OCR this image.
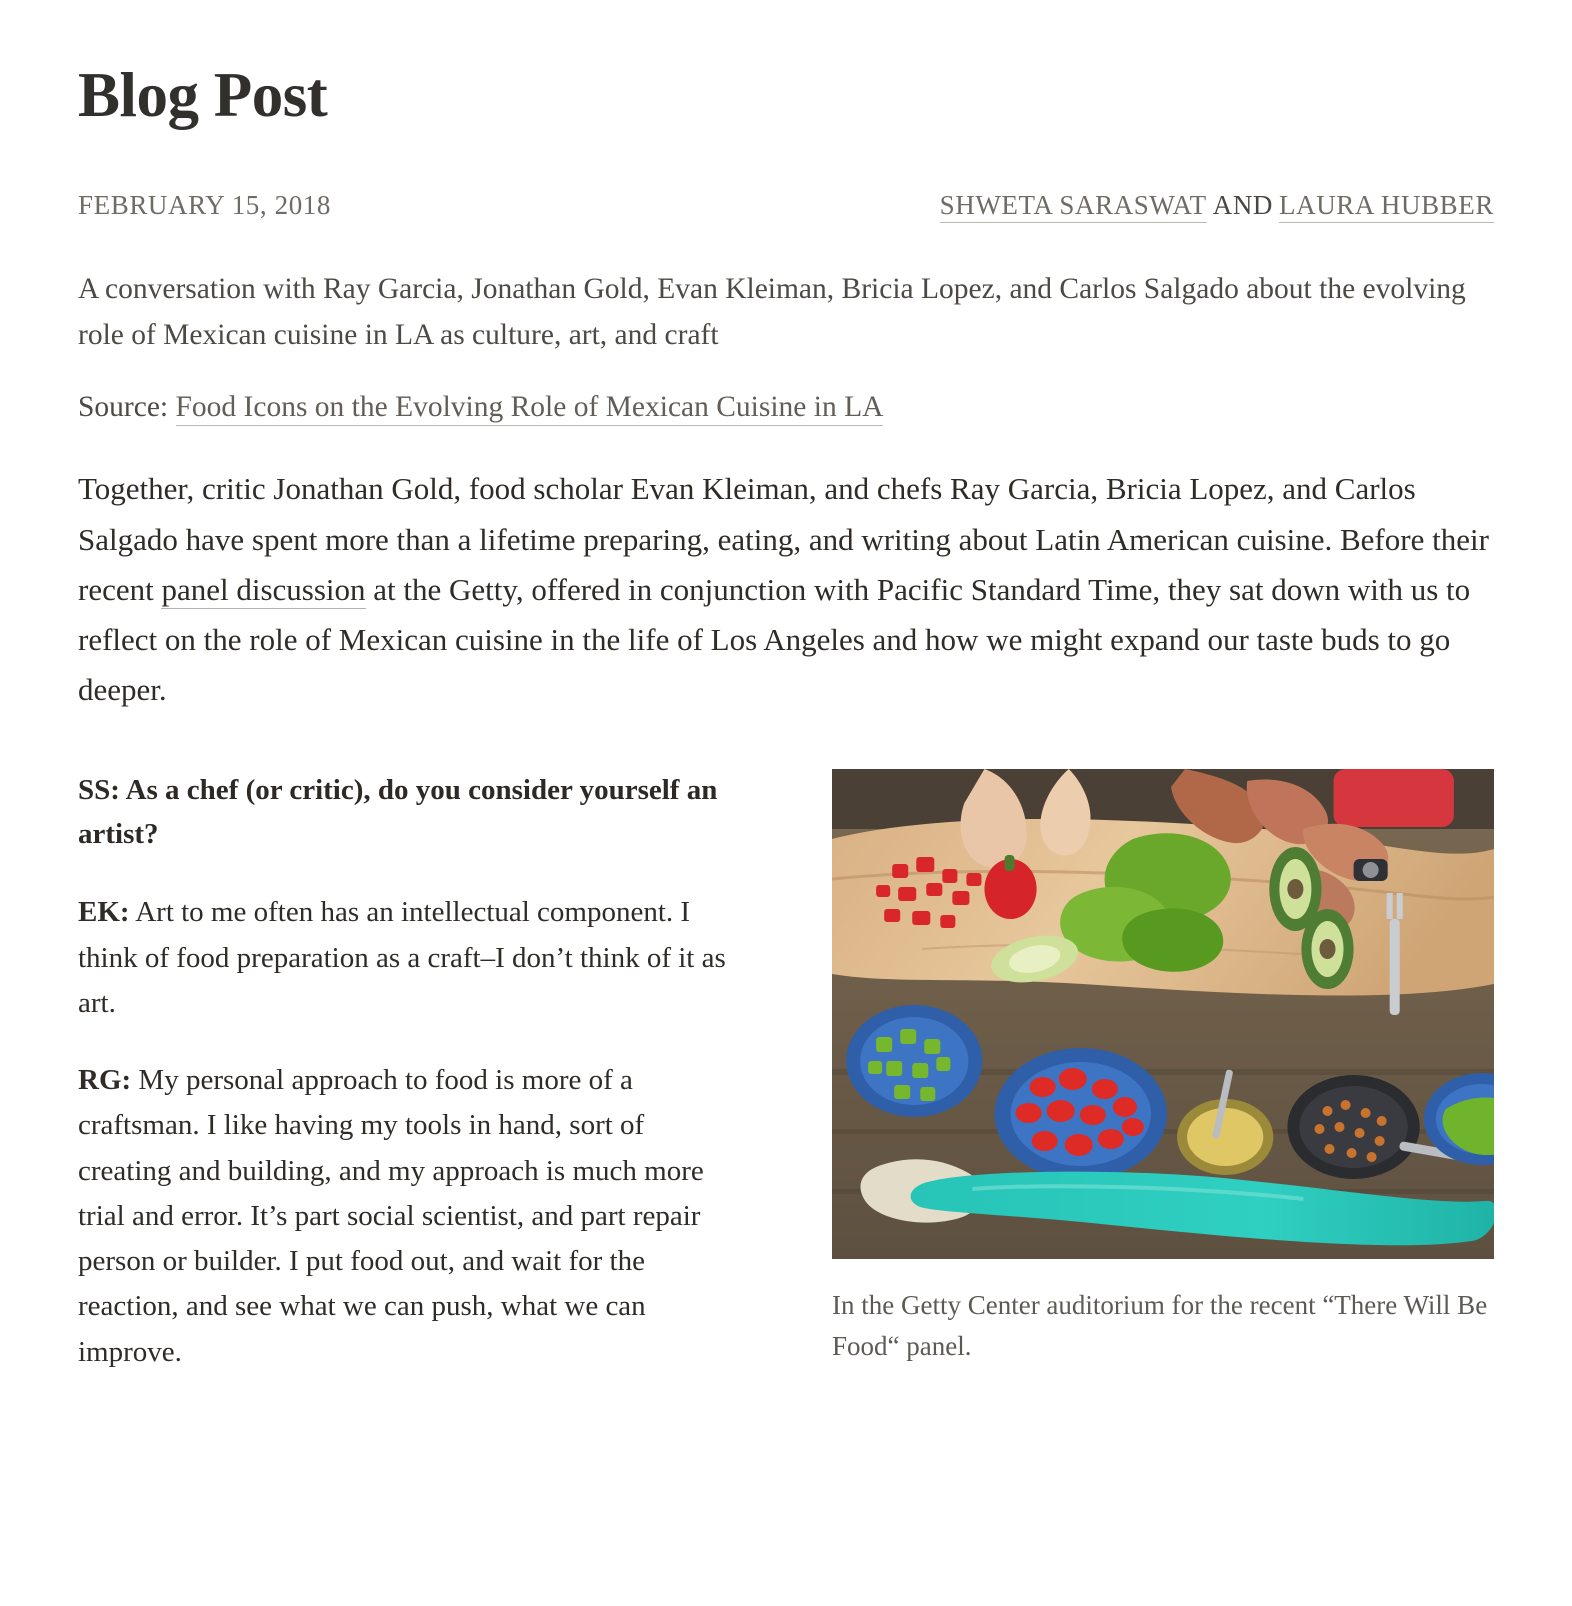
Blog Post
FEBRUARY 15, 2018	SHWETA SARASWAT AND LAURA HUBBER

A conversation with Ray Garcia, Jonathan Gold, Evan Kleiman, Bricia Lopez, and Carlos Salgado about the evolving role of Mexican cuisine in LA as culture, art, and craft

Source: Food Icons on the Evolving Role of Mexican Cuisine in LA

Together, critic Jonathan Gold, food scholar Evan Kleiman, and chefs Ray Garcia, Bricia Lopez, and Carlos Salgado have spent more than a lifetime preparing, eating, and writing about Latin American cuisine. Before their recent panel discussion at the Getty, offered in conjunction with Pacific Standard Time, they sat down with us to reflect on the role of Mexican cuisine in the life of Los Angeles and how we might expand our taste buds to go deeper.

SS: As a chef (or critic), do you consider yourself an artist?

EK: Art to me often has an intellectual component. I think of food preparation as a craft–I don’t think of it as art.

RG: My personal approach to food is more of a craftsman. I like having my tools in hand, sort of creating and building, and my approach is much more trial and error. It’s part social scientist, and part repair person or builder. I put food out, and wait for the reaction, and see what we can push, what we can improve.

In the Getty Center auditorium for the recent “There Will Be Food“ panel.
